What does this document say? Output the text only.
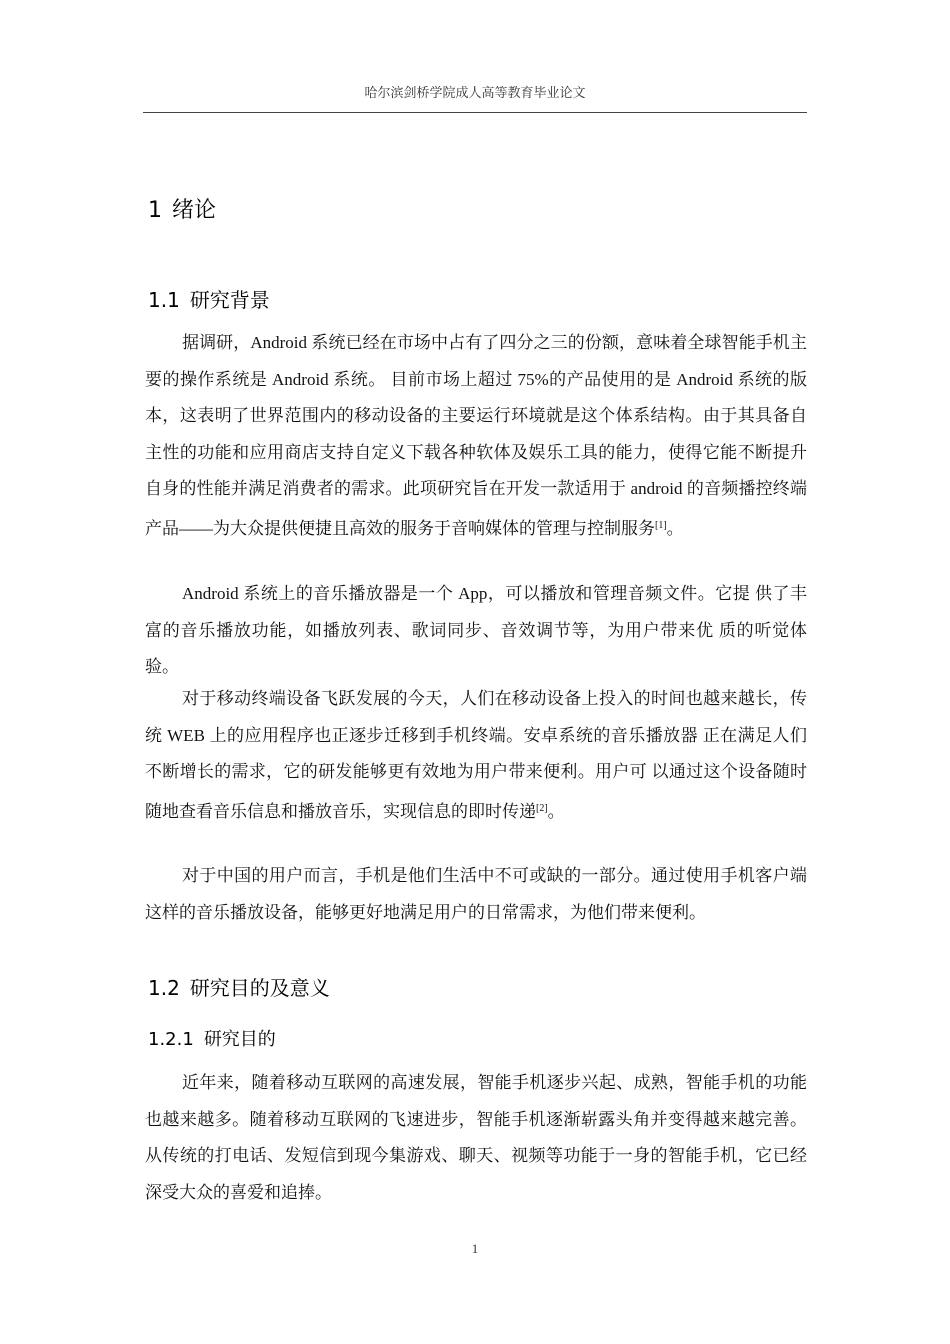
哈尔滨剑桥学院成人高等教育毕业论文
1 绪论
1.1 研究背景

据调研，Android 系统已经在市场中占有了四分之三的份额，意味着全球智能手机主要的操作系统是 Android 系统。 目前市场上超过 75%的产品使用的是 Android 系统的版本，这表明了世界范围内的移动设备的主要运行环境就是这个体系结构。由于其具备自主性的功能和应用商店支持自定义下载各种软体及娱乐工具的能力，使得它能不断提升自身的性能并满足消费者的需求。此项研究旨在开发一款适用于 android 的音频播控终端产品——为大众提供便捷且高效的服务于音响媒体的管理与控制服务[1]。

Android 系统上的音乐播放器是一个 App，可以播放和管理音频文件。它提 供了丰富的音乐播放功能，如播放列表、歌词同步、音效调节等，为用户带来优 质的听觉体验。

对于移动终端设备飞跃发展的今天，人们在移动设备上投入的时间也越来越长，传统 WEB 上的应用程序也正逐步迁移到手机终端。安卓系统的音乐播放器 正在满足人们不断增长的需求，它的研发能够更有效地为用户带来便利。用户可 以通过这个设备随时随地查看音乐信息和播放音乐，实现信息的即时传递[2]。

对于中国的用户而言，手机是他们生活中不可或缺的一部分。通过使用手机客户端这样的音乐播放设备，能够更好地满足用户的日常需求，为他们带来便利。

1.2 研究目的及意义
1.2.1 研究目的

近年来，随着移动互联网的高速发展，智能手机逐步兴起、成熟，智能手机的功能也越来越多。随着移动互联网的飞速进步，智能手机逐渐崭露头角并变得越来越完善。从传统的打电话、发短信到现今集游戏、聊天、视频等功能于一身的智能手机，它已经深受大众的喜爱和追捧。

1
